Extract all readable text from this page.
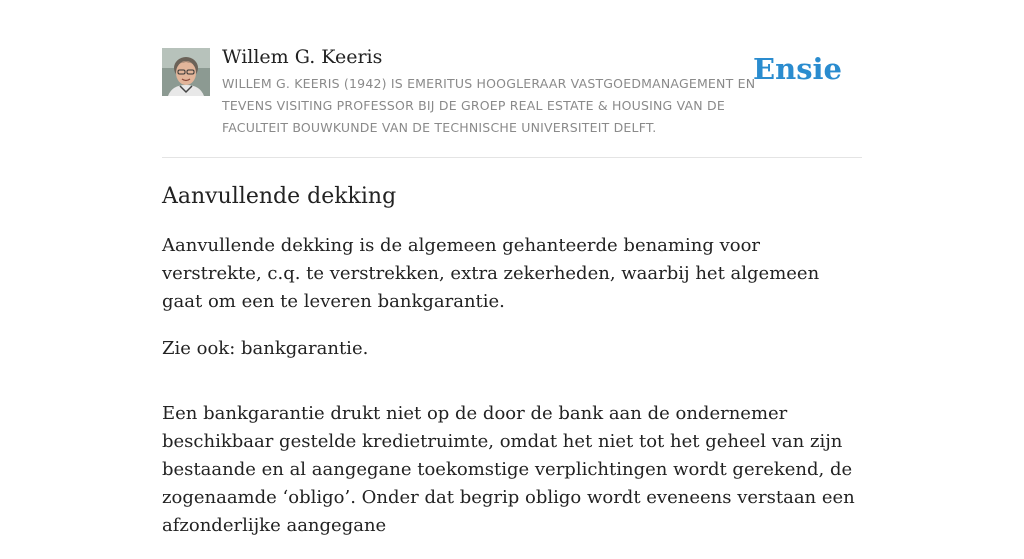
Willem G. Keeris
WILLEM G. KEERIS (1942) IS EMERITUS HOOGLERAAR VASTGOEDMANAGEMENT EN TEVENS VISITING PROFESSOR BIJ DE GROEP REAL ESTATE & HOUSING VAN DE FACULTEIT BOUWKUNDE VAN DE TECHNISCHE UNIVERSITEIT DELFT.
Ensie
Aanvullende dekking

Aanvullende dekking is de algemeen gehanteerde benaming voor verstrekte, c.q. te verstrekken, extra zekerheden, waarbij het algemeen gaat om een te leveren bankgarantie.

Zie ook: bankgarantie.

Een bankgarantie drukt niet op de door de bank aan de ondernemer beschikbaar gestelde kredietruimte, omdat het niet tot het geheel van zijn bestaande en al aangegane toekomstige verplichtingen wordt gerekend, de zogenaamde ‘obligo’. Onder dat begrip obligo wordt eveneens verstaan een afzonderlijke aangegane
